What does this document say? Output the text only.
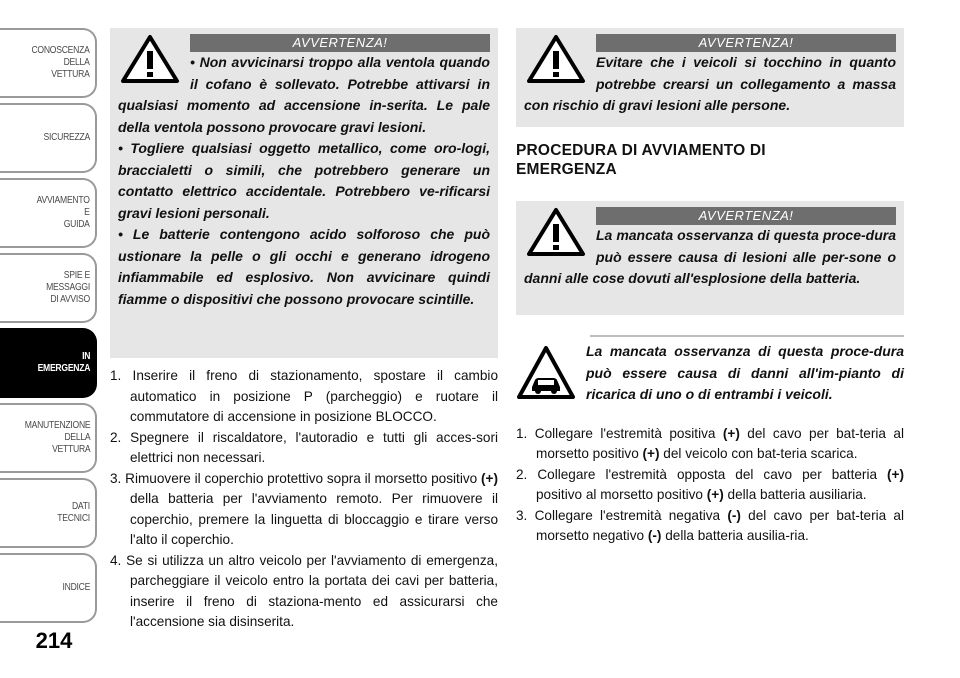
CONOSCENZA
DELLA
VETTURA
SICUREZZA
AVVIAMENTO
E
GUIDA
SPIE E
MESSAGGI
DI AVVISO
IN
EMERGENZA
MANUTENZIONE
DELLA
VETTURA
DATI
TECNICI
INDICE
214
AVVERTENZA!

• Non avvicinarsi troppo alla ventola quando il cofano è sollevato. Potrebbe attivarsi in qualsiasi momento ad accensione in-serita. Le pale della ventola possono provocare gravi lesioni.

• Togliere qualsiasi oggetto metallico, come oro-logi, braccialetti o simili, che potrebbero generare un contatto elettrico accidentale. Potrebbero ve-rificarsi gravi lesioni personali.

• Le batterie contengono acido solforoso che può ustionare la pelle o gli occhi e generano idrogeno infiammabile ed esplosivo. Non avvicinare quindi fiamme o dispositivi che possono provocare scintille.

1. Inserire il freno di stazionamento, spostare il cambio automatico in posizione P (parcheggio) e ruotare il commutatore di accensione in posizione BLOCCO.
2. Spegnere il riscaldatore, l'autoradio e tutti gli acces-sori elettrici non necessari.
3. Rimuovere il coperchio protettivo sopra il morsetto positivo (+) della batteria per l'avviamento remoto. Per rimuovere il coperchio, premere la linguetta di bloccaggio e tirare verso l'alto il coperchio.
4. Se si utilizza un altro veicolo per l'avviamento di emergenza, parcheggiare il veicolo entro la portata dei cavi per batteria, inserire il freno di staziona-mento ed assicurarsi che l'accensione sia disinserita.
AVVERTENZA!

Evitare che i veicoli si tocchino in quanto potrebbe crearsi un collegamento a massa con rischio di gravi lesioni alle persone.

PROCEDURA DI AVVIAMENTO DI EMERGENZA
AVVERTENZA!

La mancata osservanza di questa proce-dura può essere causa di lesioni alle per-sone o danni alle cose dovuti all'esplosione della batteria.

La mancata osservanza di questa proce-dura può essere causa di danni all'im-pianto di ricarica di uno o di entrambi i veicoli.

1. Collegare l'estremità positiva (+) del cavo per bat-teria al morsetto positivo (+) del veicolo con bat-teria scarica.
2. Collegare l'estremità opposta del cavo per batteria (+) positivo al morsetto positivo (+) della batteria ausiliaria.
3. Collegare l'estremità negativa (-) del cavo per bat-teria al morsetto negativo (-) della batteria ausilia-ria.
